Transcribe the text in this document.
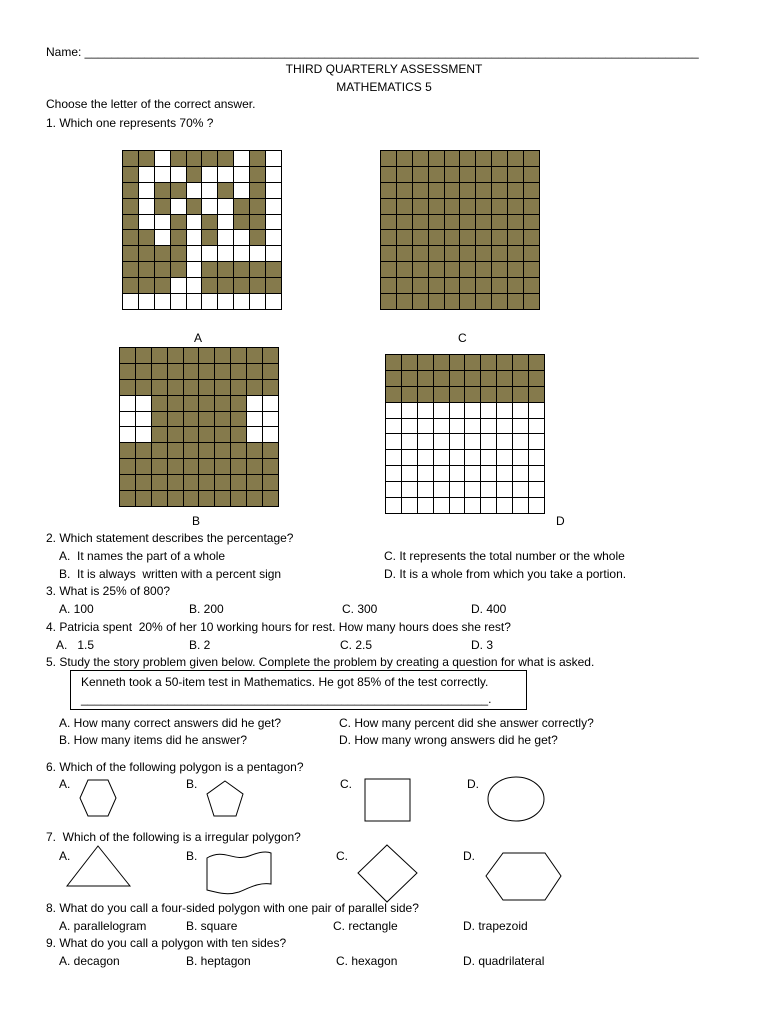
Name: ____________________________________________________________________________________________
THIRD QUARTERLY ASSESSMENT
MATHEMATICS 5
Choose the letter of the correct answer.
1. Which one represents 70% ?
A	C
B	D
2. Which statement describes the percentage?
A.  It names the part of a whole
B.  It is always  written with a percent sign
C. It represents the total number or the whole
D. It is a whole from which you take a portion.
3. What is 25% of 800?
A. 100	B. 200	C. 300	D. 400
4. Patricia spent  20% of her 10 working hours for rest. How many hours does she rest?
A.   1.5	B. 2	C. 2.5	D. 3
5. Study the story problem given below. Complete the problem by creating a question for what is asked.
Kenneth took a 50-item test in Mathematics. He got 85% of the test correctly.
_____________________________________________________________.
A. How many correct answers did he get?
B. How many items did he answer?
C. How many percent did she answer correctly?
D. How many wrong answers did he get?
6. Which of the following polygon is a pentagon?
A.	B.	C.	D.
7.  Which of the following is a irregular polygon?
A.	B.	C.	D.
8. What do you call a four-sided polygon with one pair of parallel side?
A. parallelogram	B. square	C. rectangle	D. trapezoid
9. What do you call a polygon with ten sides?
A. decagon	B. heptagon	C. hexagon	D. quadrilateral
